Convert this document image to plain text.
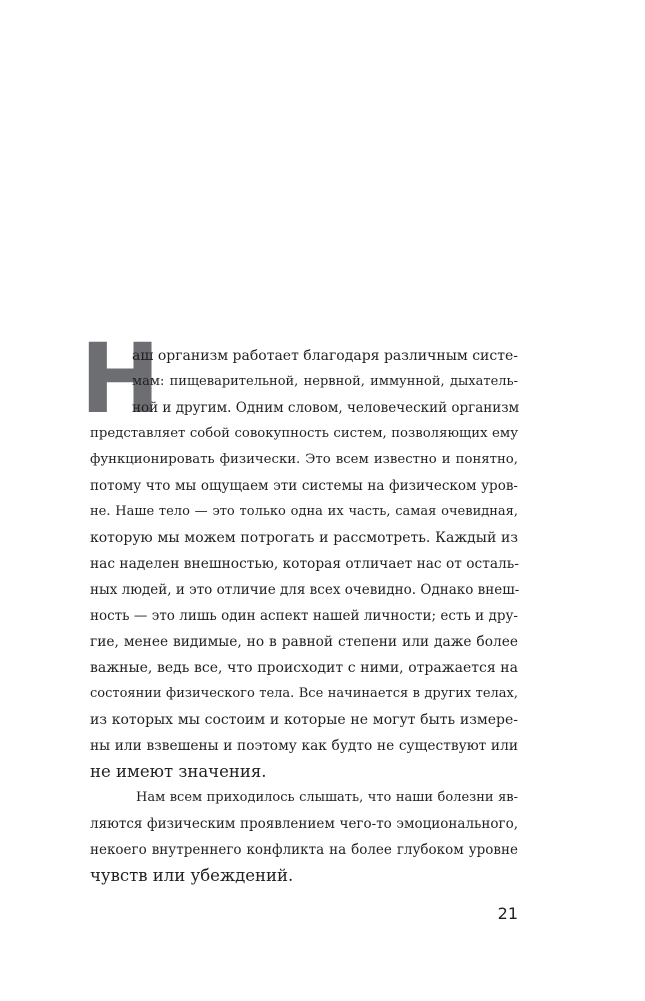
Н
аш организм работает благодаря различным систе-
мам: пищеварительной, нервной, иммунной, дыхатель-
ной и другим. Одним словом, человеческий организм
представляет собой совокупность систем, позволяющих ему
функционировать физически. Это всем известно и понятно,
потому что мы ощущаем эти системы на физическом уров-
не. Наше тело — это только одна их часть, самая очевидная,
которую мы можем потрогать и рассмотреть. Каждый из
нас наделен внешностью, которая отличает нас от осталь-
ных людей, и это отличие для всех очевидно. Однако внеш-
ность — это лишь один аспект нашей личности; есть и дру-
гие, менее видимые, но в равной степени или даже более
важные, ведь все, что происходит с ними, отражается на
состоянии физического тела. Все начинается в других телах,
из которых мы состоим и которые не могут быть измере-
ны или взвешены и поэтому как будто не существуют или
не имеют значения.
Нам всем приходилось слышать, что наши болезни яв-
ляются физическим проявлением чего-то эмоционального,
некоего внутреннего конфликта на более глубоком уровне
чувств или убеждений.
21
